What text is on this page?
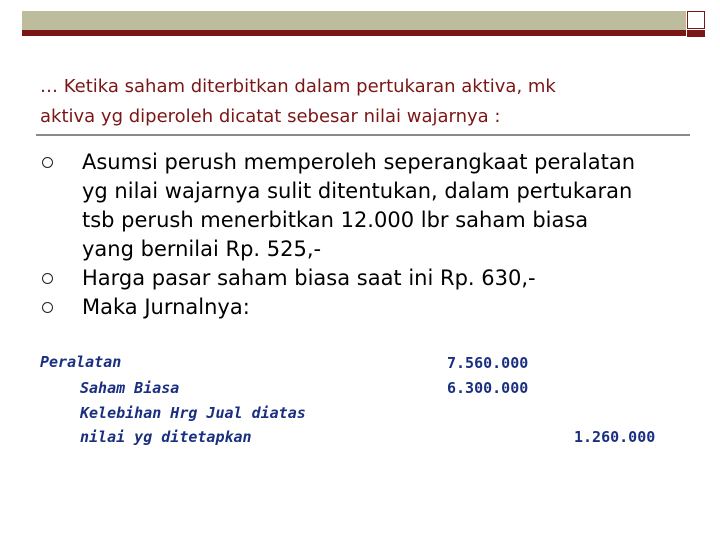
… Ketika saham diterbitkan dalam pertukaran aktiva, mk
aktiva yg diperoleh dicatat sebesar nilai wajarnya :
Asumsi perush memperoleh seperangkaat peralatan
yg nilai wajarnya sulit ditentukan, dalam pertukaran
tsb perush menerbitkan 12.000 lbr saham biasa
yang bernilai Rp. 525,-
Harga pasar saham biasa saat ini Rp. 630,-
Maka Jurnalnya:
Peralatan
Saham Biasa
Kelebihan Hrg Jual diatas
nilai yg ditetapkan
7.560.000
6.300.000
1.260.000
